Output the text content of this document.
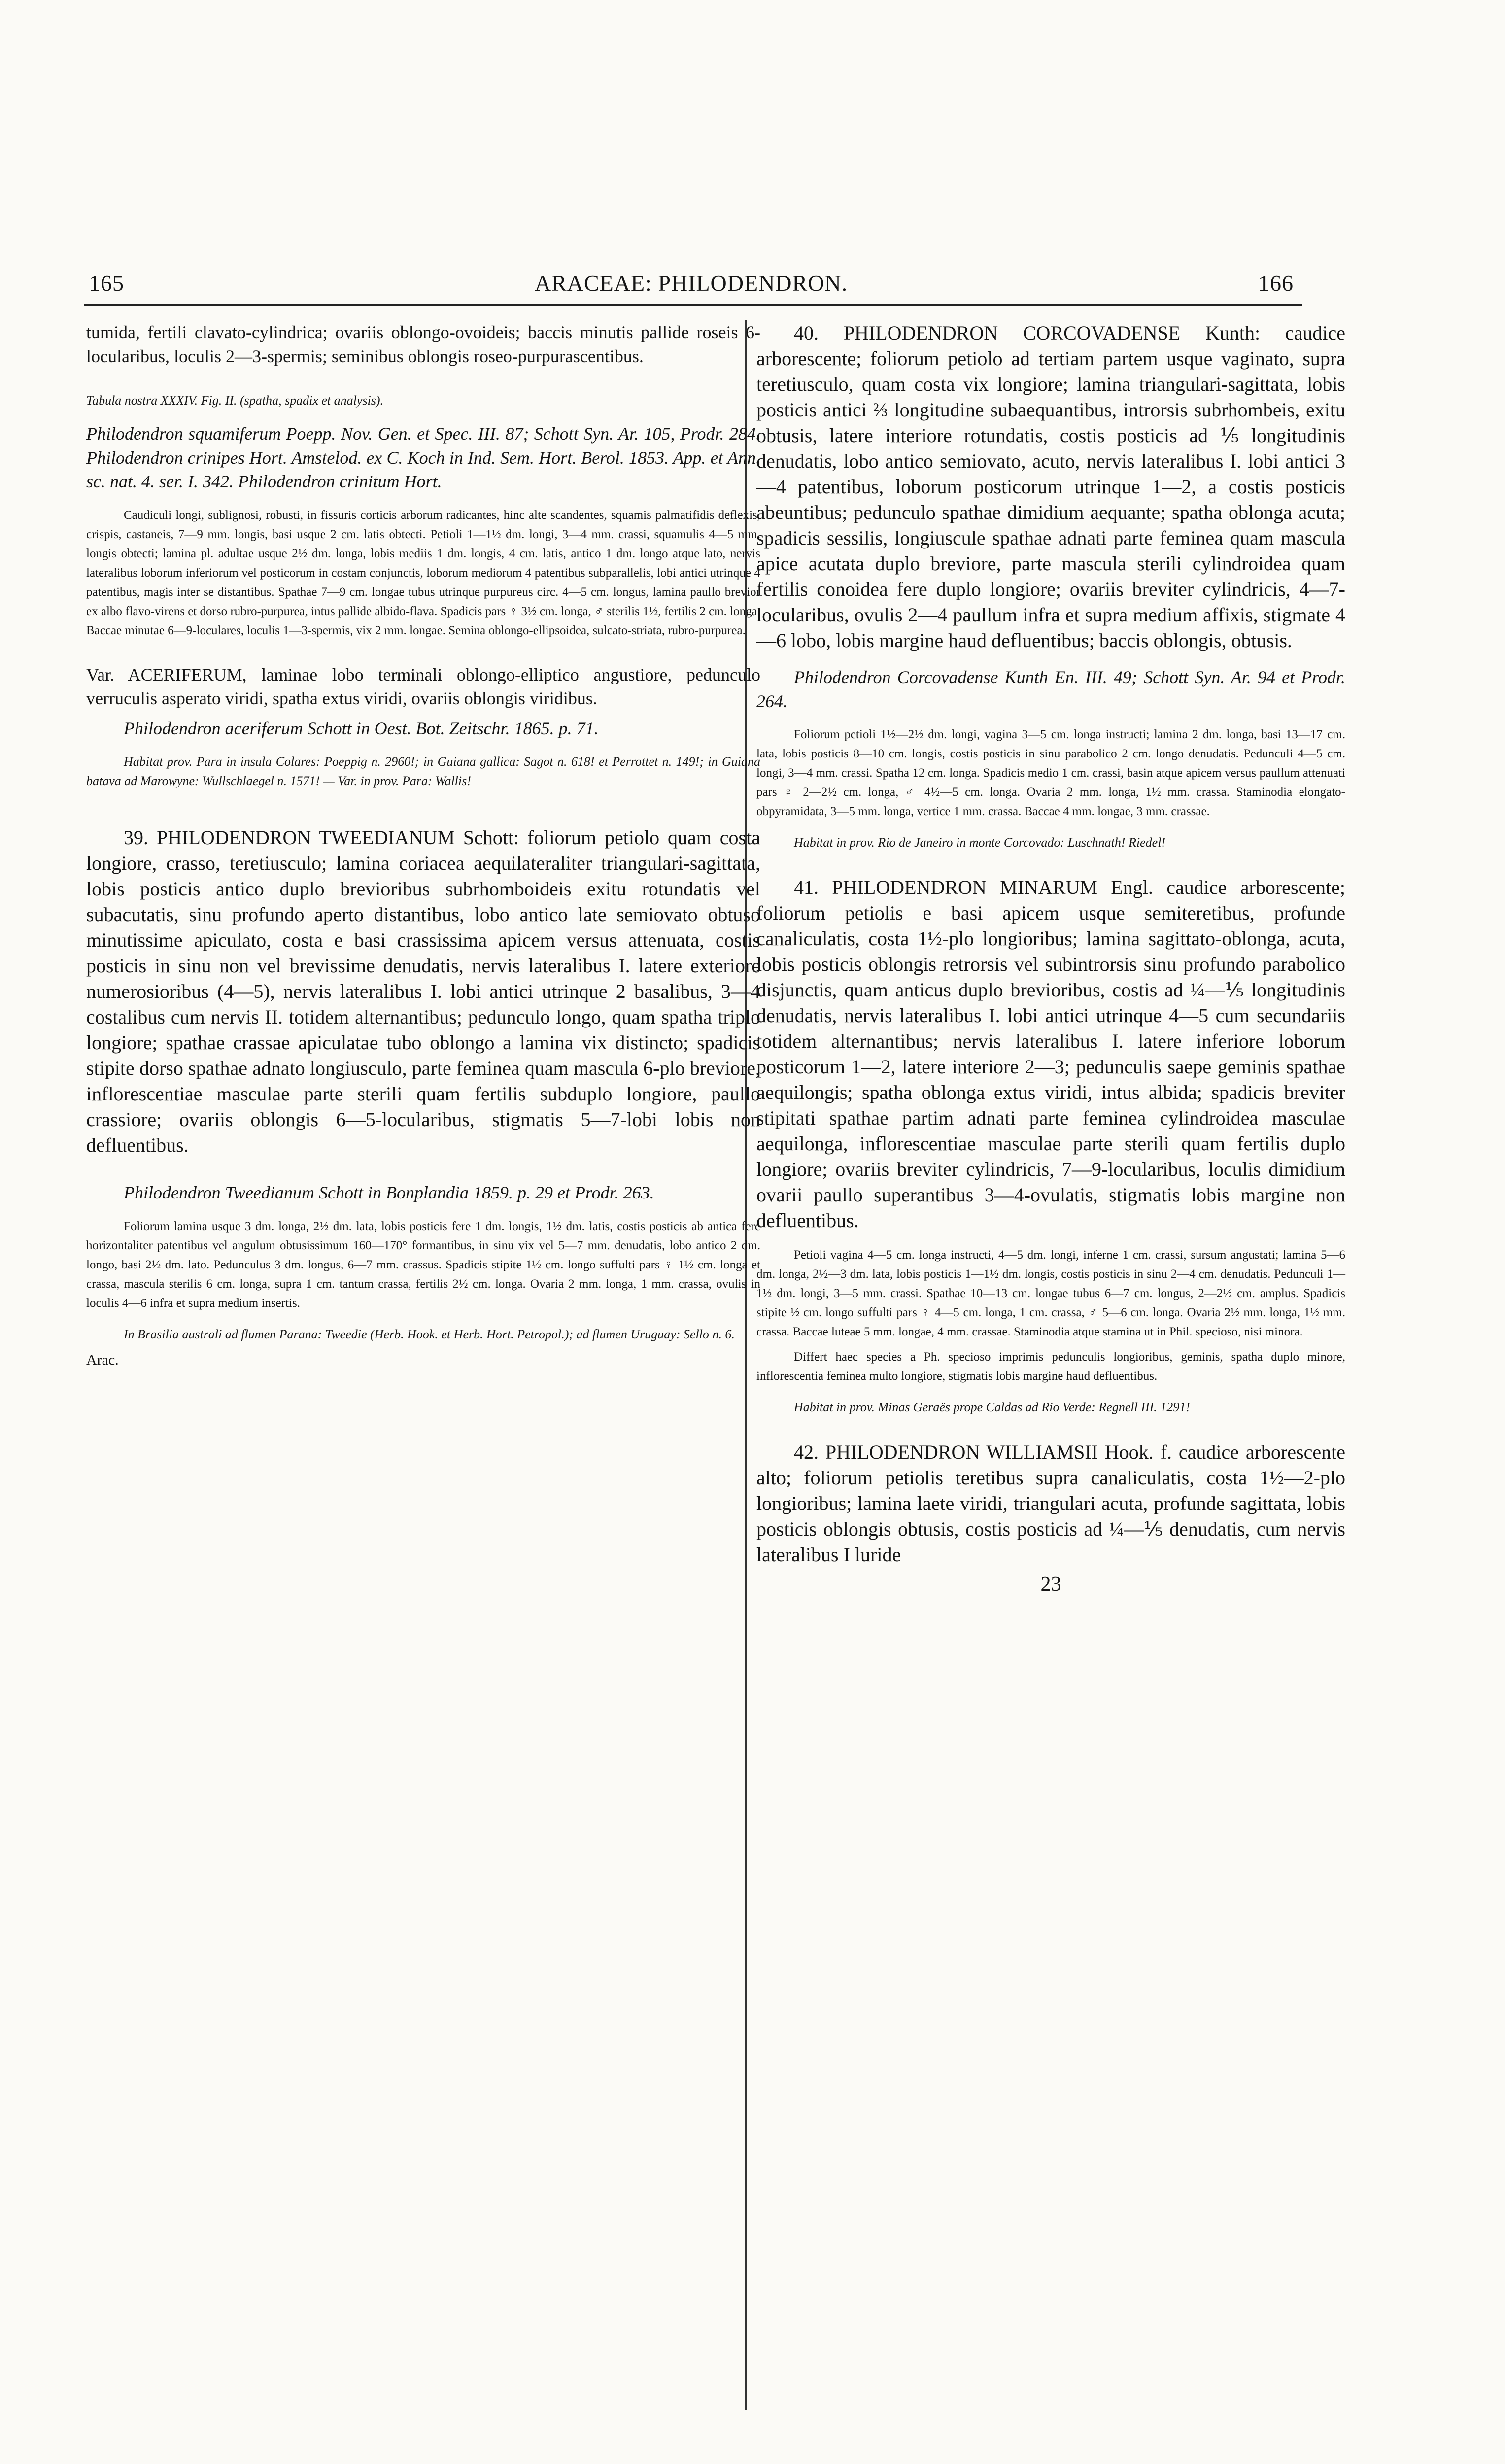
165	ARACEAE: PHILODENDRON.	166

tumida, fertili clavato-cylindrica; ovariis oblongo-ovoideis; baccis minutis pallide roseis 6-locularibus, loculis 2—3-spermis; seminibus oblongis roseo-purpurascentibus.

Tabula nostra XXXIV. Fig. II. (spatha, spadix et analysis).

Philodendron squamiferum Poepp. Nov. Gen. et Spec. III. 87; Schott Syn. Ar. 105, Prodr. 284. Philodendron crinipes Hort. Amstelod. ex C. Koch in Ind. Sem. Hort. Berol. 1853. App. et Ann. sc. nat. 4. ser. I. 342. Philodendron crinitum Hort.

Caudiculi longi, sublignosi, robusti, in fissuris corticis arborum radicantes, hinc alte scandentes, squamis palmatifidis deflexis, crispis, castaneis, 7—9 mm. longis, basi usque 2 cm. latis obtecti. Petioli 1—1½ dm. longi, 3—4 mm. crassi, squamulis 4—5 mm. longis obtecti; lamina pl. adultae usque 2½ dm. longa, lobis mediis 1 dm. longis, 4 cm. latis, antico 1 dm. longo atque lato, nervis lateralibus loborum inferiorum vel posticorum in costam conjunctis, loborum mediorum 4 patentibus subparallelis, lobi antici utrinque 4 patentibus, magis inter se distantibus. Spathae 7—9 cm. longae tubus utrinque purpureus circ. 4—5 cm. longus, lamina paullo brevior ex albo flavo-virens et dorso rubro-purpurea, intus pallide albido-flava. Spadicis pars ♀ 3½ cm. longa, ♂ sterilis 1½, fertilis 2 cm. longa. Baccae minutae 6—9-loculares, loculis 1—3-spermis, vix 2 mm. longae. Semina oblongo-ellipsoidea, sulcato-striata, rubro-purpurea.

Var. ACERIFERUM, laminae lobo terminali oblongo-elliptico angustiore, pedunculo verruculis asperato viridi, spatha extus viridi, ovariis oblongis viridibus.

Philodendron aceriferum Schott in Oest. Bot. Zeitschr. 1865. p. 71.

Habitat prov. Para in insula Colares: Poeppig n. 2960!; in Guiana gallica: Sagot n. 618! et Perrottet n. 149!; in Guiana batava ad Marowyne: Wullschlaegel n. 1571! — Var. in prov. Para: Wallis!

39. PHILODENDRON TWEEDIANUM Schott: foliorum petiolo quam costa longiore, crasso, teretiusculo; lamina coriacea aequilateraliter triangulari-sagittata, lobis posticis antico duplo brevioribus subrhomboideis exitu rotundatis vel subacutatis, sinu profundo aperto distantibus, lobo antico late semiovato obtuso minutissime apiculato, costa e basi crassissima apicem versus attenuata, costis posticis in sinu non vel brevissime denudatis, nervis lateralibus I. latere exteriore numerosioribus (4—5), nervis lateralibus I. lobi antici utrinque 2 basalibus, 3—4 costalibus cum nervis II. totidem alternantibus; pedunculo longo, quam spatha triplo longiore; spathae crassae apiculatae tubo oblongo a lamina vix distincto; spadicis stipite dorso spathae adnato longiusculo, parte feminea quam mascula 6-plo breviore, inflorescentiae masculae parte sterili quam fertilis subduplo longiore, paullo crassiore; ovariis oblongis 6—5-locularibus, stigmatis 5—7-lobi lobis non defluentibus.

Philodendron Tweedianum Schott in Bonplandia 1859. p. 29 et Prodr. 263.

Foliorum lamina usque 3 dm. longa, 2½ dm. lata, lobis posticis fere 1 dm. longis, 1½ dm. latis, costis posticis ab antica fere horizontaliter patentibus vel angulum obtusissimum 160—170° formantibus, in sinu vix vel 5—7 mm. denudatis, lobo antico 2 dm. longo, basi 2½ dm. lato. Pedunculus 3 dm. longus, 6—7 mm. crassus. Spadicis stipite 1½ cm. longo suffulti pars ♀ 1½ cm. longa et crassa, mascula sterilis 6 cm. longa, supra 1 cm. tantum crassa, fertilis 2½ cm. longa. Ovaria 2 mm. longa, 1 mm. crassa, ovulis in loculis 4—6 infra et supra medium insertis.

In Brasilia australi ad flumen Parana: Tweedie (Herb. Hook. et Herb. Hort. Petropol.); ad flumen Uruguay: Sello n. 6.

Arac.

40. PHILODENDRON CORCOVADENSE Kunth: caudice arborescente; foliorum petiolo ad tertiam partem usque vaginato, supra teretiusculo, quam costa vix longiore; lamina triangulari-sagittata, lobis posticis antici ⅔ longitudine subaequantibus, introrsis subrhombeis, exitu obtusis, latere interiore rotundatis, costis posticis ad ⅕ longitudinis denudatis, lobo antico semiovato, acuto, nervis lateralibus I. lobi antici 3—4 patentibus, loborum posticorum utrinque 1—2, a costis posticis abeuntibus; pedunculo spathae dimidium aequante; spatha oblonga acuta; spadicis sessilis, longiuscule spathae adnati parte feminea quam mascula apice acutata duplo breviore, parte mascula sterili cylindroidea quam fertilis conoidea fere duplo longiore; ovariis breviter cylindricis, 4—7-locularibus, ovulis 2—4 paullum infra et supra medium affixis, stigmate 4—6 lobo, lobis margine haud defluentibus; baccis oblongis, obtusis.

Philodendron Corcovadense Kunth En. III. 49; Schott Syn. Ar. 94 et Prodr. 264.

Foliorum petioli 1½—2½ dm. longi, vagina 3—5 cm. longa instructi; lamina 2 dm. longa, basi 13—17 cm. lata, lobis posticis 8—10 cm. longis, costis posticis in sinu parabolico 2 cm. longo denudatis. Pedunculi 4—5 cm. longi, 3—4 mm. crassi. Spatha 12 cm. longa. Spadicis medio 1 cm. crassi, basin atque apicem versus paullum attenuati pars ♀ 2—2½ cm. longa, ♂ 4½—5 cm. longa. Ovaria 2 mm. longa, 1½ mm. crassa. Staminodia elongato-obpyramidata, 3—5 mm. longa, vertice 1 mm. crassa. Baccae 4 mm. longae, 3 mm. crassae.

Habitat in prov. Rio de Janeiro in monte Corcovado: Luschnath! Riedel!

41. PHILODENDRON MINARUM Engl. caudice arborescente; foliorum petiolis e basi apicem usque semiteretibus, profunde canaliculatis, costa 1½-plo longioribus; lamina sagittato-oblonga, acuta, lobis posticis oblongis retrorsis vel subintrorsis sinu profundo parabolico disjunctis, quam anticus duplo brevioribus, costis ad ¼—⅕ longitudinis denudatis, nervis lateralibus I. lobi antici utrinque 4—5 cum secundariis totidem alternantibus; nervis lateralibus I. latere inferiore loborum posticorum 1—2, latere interiore 2—3; pedunculis saepe geminis spathae aequilongis; spatha oblonga extus viridi, intus albida; spadicis breviter stipitati spathae partim adnati parte feminea cylindroidea masculae aequilonga, inflorescentiae masculae parte sterili quam fertilis duplo longiore; ovariis breviter cylindricis, 7—9-locularibus, loculis dimidium ovarii paullo superantibus 3—4-ovulatis, stigmatis lobis margine non defluentibus.

Petioli vagina 4—5 cm. longa instructi, 4—5 dm. longi, inferne 1 cm. crassi, sursum angustati; lamina 5—6 dm. longa, 2½—3 dm. lata, lobis posticis 1—1½ dm. longis, costis posticis in sinu 2—4 cm. denudatis. Pedunculi 1—1½ dm. longi, 3—5 mm. crassi. Spathae 10—13 cm. longae tubus 6—7 cm. longus, 2—2½ cm. amplus. Spadicis stipite ½ cm. longo suffulti pars ♀ 4—5 cm. longa, 1 cm. crassa, ♂ 5—6 cm. longa. Ovaria 2½ mm. longa, 1½ mm. crassa. Baccae luteae 5 mm. longae, 4 mm. crassae. Staminodia atque stamina ut in Phil. specioso, nisi minora.

Differt haec species a Ph. specioso imprimis pedunculis longioribus, geminis, spatha duplo minore, inflorescentia feminea multo longiore, stigmatis lobis margine haud defluentibus.

Habitat in prov. Minas Geraës prope Caldas ad Rio Verde: Regnell III. 1291!

42. PHILODENDRON WILLIAMSII Hook. f. caudice arborescente alto; foliorum petiolis teretibus supra canaliculatis, costa 1½—2-plo longioribus; lamina laete viridi, triangulari acuta, profunde sagittata, lobis posticis oblongis obtusis, costis posticis ad ¼—⅕ denudatis, cum nervis lateralibus I luride

23
